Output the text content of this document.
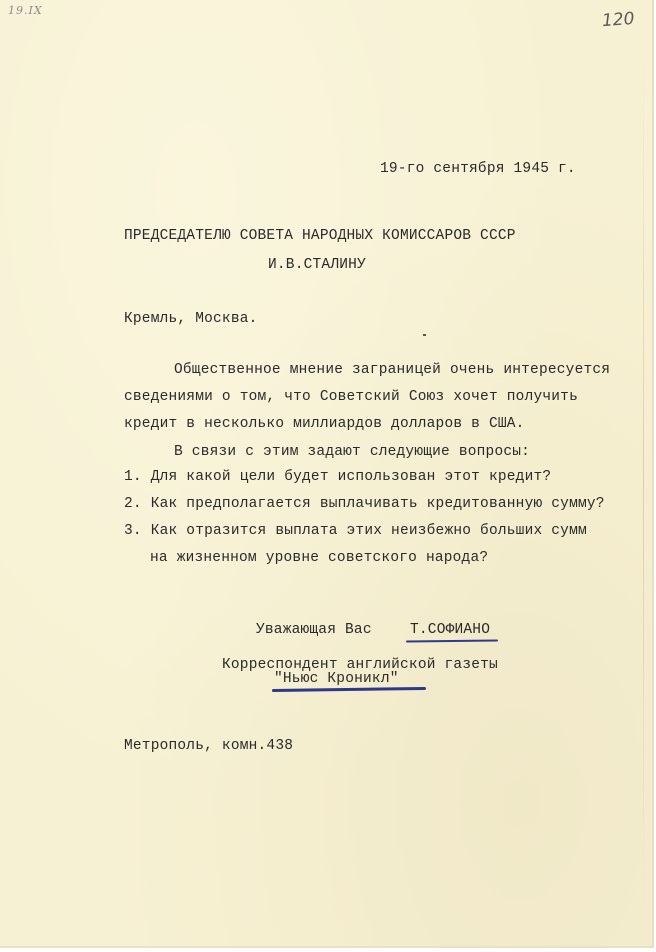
19.IX	120
19-го сентября 1945 г.
ПРЕДСЕДАТЕЛЮ СОВЕТА НАРОДНЫХ КОМИССАРОВ СССР
И.В.СТАЛИНУ
Кремль, Москва.
Общественное мнение заграницей очень интересуется
сведениями о том, что Советский Союз хочет получить
кредит в несколько миллиардов долларов в США.
В связи с этим задают следующие вопросы:
1. Для какой цели будет использован этот кредит?
2. Как предполагается выплачивать кредитованную сумму?
3. Как отразится выплата этих неизбежно больших сумм
на жизненном уровне советского народа?
Уважающая Вас	Т.СОФИАНО
Корреспондент английской газеты
"Ньюс Кроникл"
Метрополь, комн.438
